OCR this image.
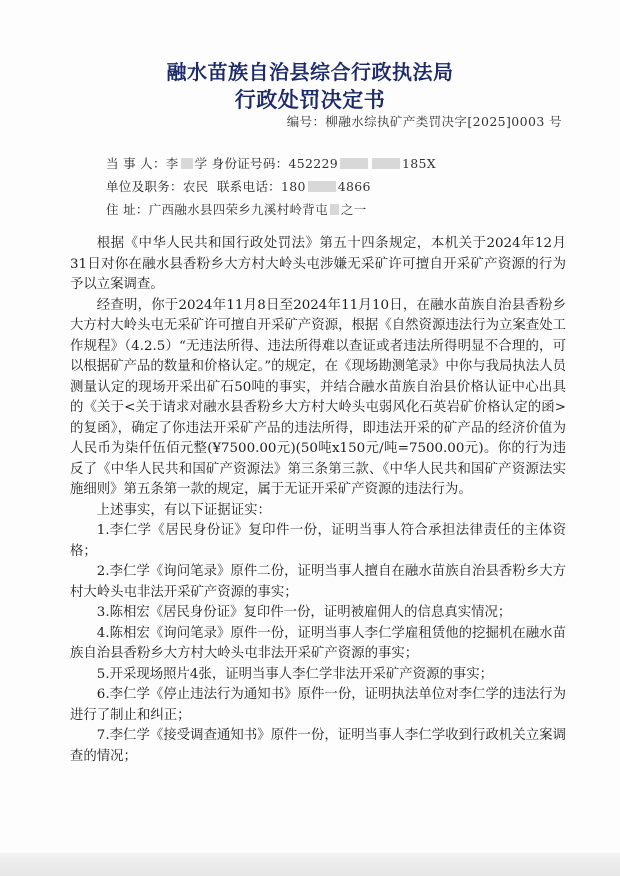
融水苗族自治县综合行政执法局
行政处罚决定书
编号：柳融水综执矿产类罚决字[2025]0003 号
当 事 人：李 学 身份证号码：452229	185X
单位及职务：农民 联系电话：180	4866
住 址：广西融水县四荣乡九溪村岭背屯 之一

根据《中华人民共和国行政处罚法》第五十四条规定，本机关于2024年12月31日对你在融水县香粉乡大方村大岭头屯涉嫌无采矿许可擅自开采矿产资源的行为予以立案调查。

经查明，你于2024年11月8日至2024年11月10日，在融水苗族自治县香粉乡大方村大岭头屯无采矿许可擅自开采矿产资源，根据《自然资源违法行为立案查处工作规程》（4.2.5）“无违法所得、违法所得难以查证或者违法所得明显不合理的，可以根据矿产品的数量和价格认定。”的规定，在《现场勘测笔录》中你与我局执法人员测量认定的现场开采出矿石50吨的事实，并结合融水苗族自治县价格认证中心出具的《关于<关于请求对融水县香粉乡大方村大岭头屯弱风化石英岩矿价格认定的函>的复函》，确定了你违法开采矿产品的违法所得，即违法开采的矿产品的经济价值为人民币为柒仟伍佰元整(¥7500.00元)(50吨x150元/吨=7500.00元)。你的行为违反了《中华人民共和国矿产资源法》第三条第三款、《中华人民共和国矿产资源法实施细则》第五条第一款的规定，属于无证开采矿产资源的违法行为。

上述事实，有以下证据证实：

1.李仁学《居民身份证》复印件一份，证明当事人符合承担法律责任的主体资格；

2.李仁学《询问笔录》原件二份，证明当事人擅自在融水苗族自治县香粉乡大方村大岭头屯非法开采矿产资源的事实；

3.陈相宏《居民身份证》复印件一份，证明被雇佣人的信息真实情况；

4.陈相宏《询问笔录》原件一份，证明当事人李仁学雇租赁他的挖掘机在融水苗族自治县香粉乡大方村大岭头屯非法开采矿产资源的事实；

5.开采现场照片4张，证明当事人李仁学非法开采矿产资源的事实；

6.李仁学《停止违法行为通知书》原件一份，证明执法单位对李仁学的违法行为进行了制止和纠正；

7.李仁学《接受调查通知书》原件一份，证明当事人李仁学收到行政机关立案调查的情况；
